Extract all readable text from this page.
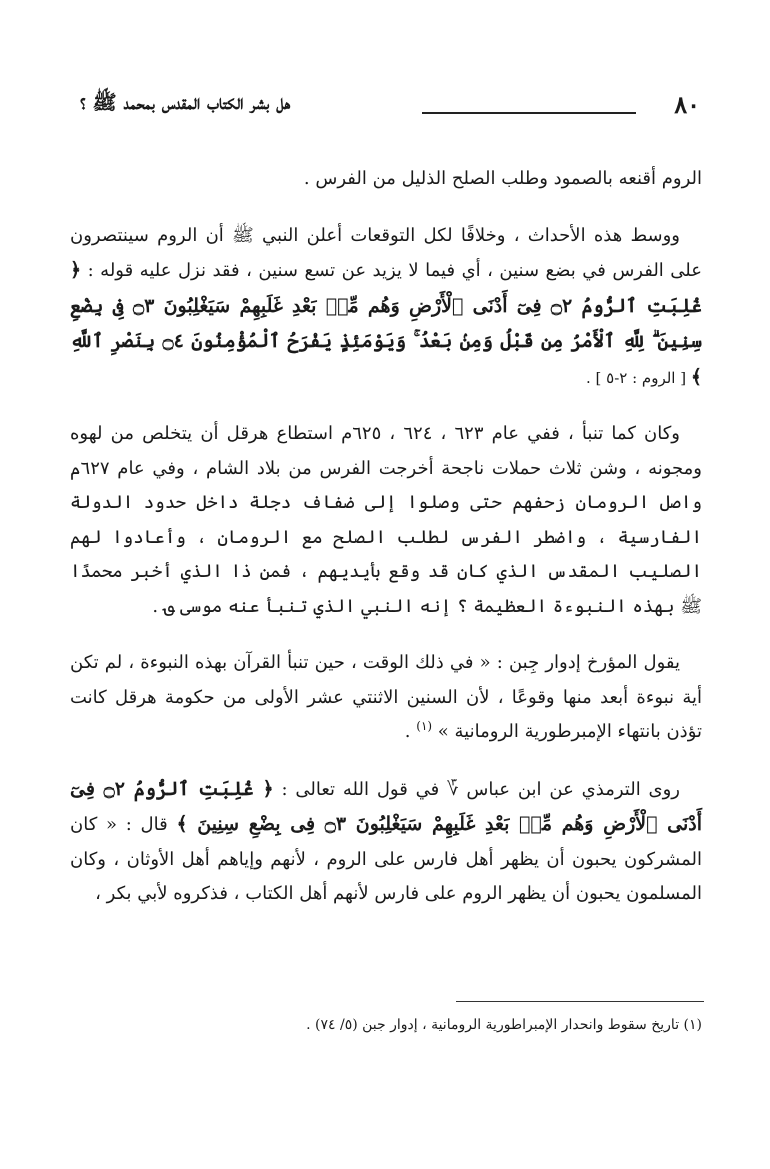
٨٠
هل بشر الكتاب المقدس بمحمد ﷺ ؟

الروم أقنعه بالصمود وطلب الصلح الذليل من الفرس .

ووسط هذه الأحداث ، وخلافًا لكل التوقعات أعلن النبي ﷺ أن الروم سينتصرون على الفرس في بضع سنين ، أي فيما لا يزيد عن تسع سنين ، فقد نزل عليه قوله : ﴿ غُلِبَتِ ٱلرُّومُ ۝٢ فِىٓ أَدْنَى ٱلْأَرْضِ وَهُم مِّنۢ بَعْدِ غَلَبِهِمْ سَيَغْلِبُونَ ۝٣ فِى بِضْعِ سِنِينَ ۗ لِلَّهِ ٱلْأَمْرُ مِن قَبْلُ وَمِنۢ بَعْدُ ۚ وَيَوْمَئِذٍ يَفْرَحُ ٱلْمُؤْمِنُونَ ۝٤ بِنَصْرِ ٱللَّهِ ﴾ [ الروم : ٢-٥ ] .

وكان كما تنبأ ، ففي عام ٦٢٣ ، ٦٢٤ ، ٦٢٥م استطاع هرقل أن يتخلص من لهوه ومجونه ، وشن ثلاث حملات ناجحة أخرجت الفرس من بلاد الشام ، وفي عام ٦٢٧م واصل الرومان زحفهم حتى وصلوا إلى ضفاف دجلة داخل حدود الدولة الفارسية ، واضطر الفرس لطلب الصلح مع الرومان ، وأعادوا لهم الصليب المقدس الذي كان قد وقع بأيديهم ، فمن ذا الذي أخبر محمدًا ﷺ بهذه النبوءة العظيمة ؟ إنه النبي الذي تنبأ عنه موسى ؈ .

يقول المؤرخ إدوار جِبن : « في ذلك الوقت ، حين تنبأ القرآن بهذه النبوءة ، لم تكن أية نبوءة أبعد منها وقوعًا ، لأن السنين الاثنتي عشر الأولى من حكومة هرقل كانت تؤذن بانتهاء الإمبرطورية الرومانية » $^{(١)}$ .

روى الترمذي عن ابن عباس ؆ في قول الله تعالى : ﴿ غُلِبَتِ ٱلرُّومُ ۝٢ فِىٓ أَدْنَى ٱلْأَرْضِ وَهُم مِّنۢ بَعْدِ غَلَبِهِمْ سَيَغْلِبُونَ ۝٣ فِى بِضْعِ سِنِينَ ﴾ قال : « كان المشركون يحبون أن يظهر أهل فارس على الروم ، لأنهم وإياهم أهل الأوثان ، وكان المسلمون يحبون أن يظهر الروم على فارس لأنهم أهل الكتاب ، فذكروه لأبي بكر ،

(١) تاريخ سقوط وانحدار الإمبراطورية الرومانية ، إدوار جبن (٥/ ٧٤) .
